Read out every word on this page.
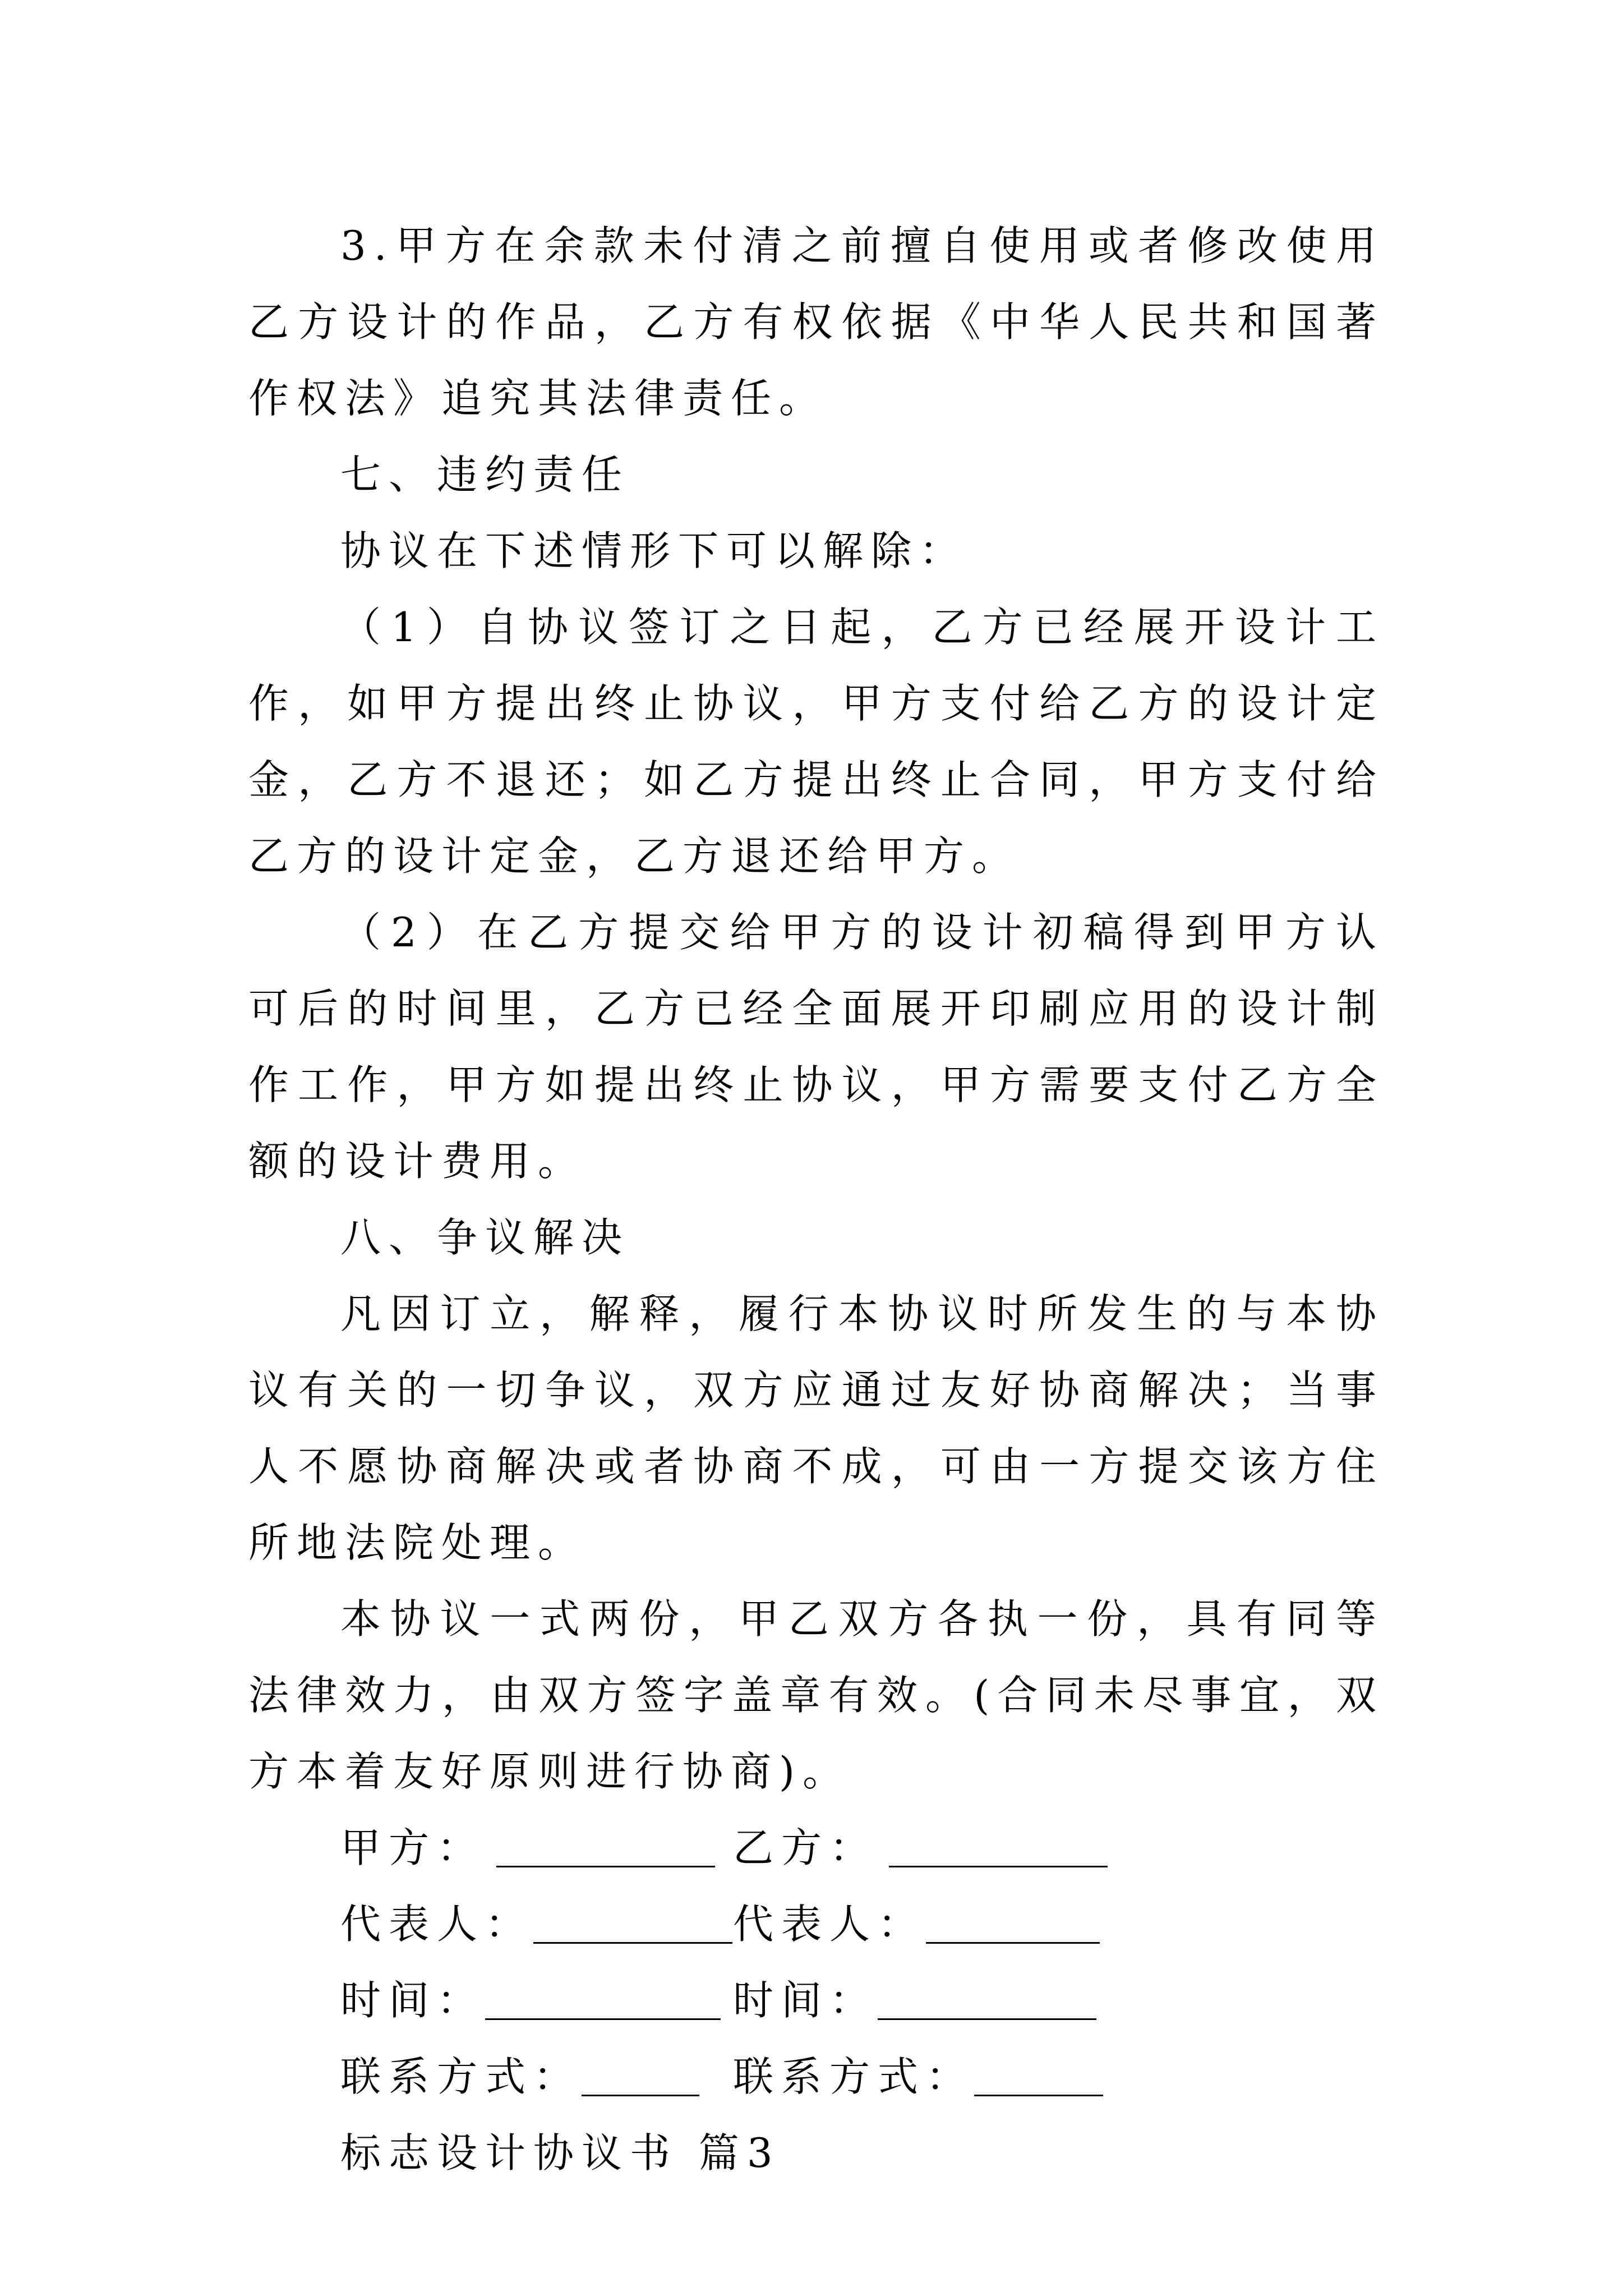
3.甲方在余款未付清之前擅自使用或者修改使用乙方设计的作品，乙方有权依据《中华人民共和国著作权法》追究其法律责任。

七、违约责任

协议在下述情形下可以解除：

（1）自协议签订之日起，乙方已经展开设计工作，如甲方提出终止协议，甲方支付给乙方的设计定金，乙方不退还；如乙方提出终止合同，甲方支付给乙方的设计定金，乙方退还给甲方。

（2）在乙方提交给甲方的设计初稿得到甲方认可后的时间里，乙方已经全面展开印刷应用的设计制作工作，甲方如提出终止协议，甲方需要支付乙方全额的设计费用。

八、争议解决

凡因订立，解释，履行本协议时所发生的与本协议有关的一切争议，双方应通过友好协商解决；当事人不愿协商解决或者协商不成，可由一方提交该方住所地法院处理。

本协议一式两份，甲乙双方各执一份，具有同等法律效力，由双方签字盖章有效。(合同未尽事宜，双方本着友好原则进行协商)。

甲方：	乙方：
代表人：	代表人：
时间：	时间：
联系方式：	联系方式：

标志设计协议书 篇3
